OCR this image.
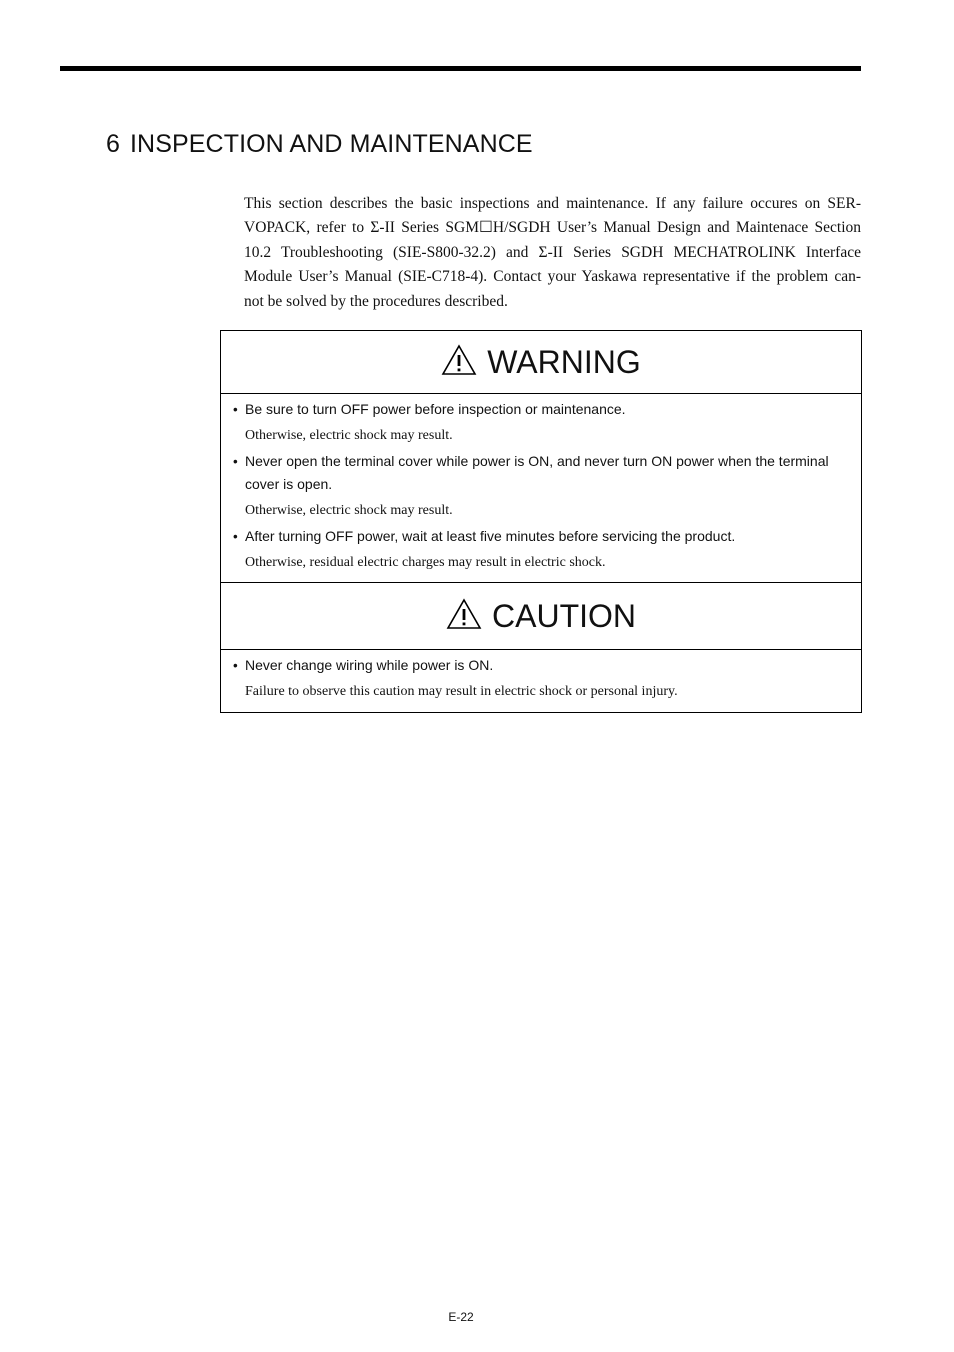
6 INSPECTION AND MAINTENANCE

This section describes the basic inspections and maintenance. If any failure occures on SER-
VOPACK, refer to Σ-II Series SGM☐H/SGDH User’s Manual Design and Maintenace Section
10.2 Troubleshooting (SIE-S800-32.2) and Σ-II Series SGDH MECHATROLINK Interface
Module User’s Manual (SIE-C718-4). Contact your Yaskawa representative if the problem can-
not be solved by the procedures described.

WARNING
• Be sure to turn OFF power before inspection or maintenance.
Otherwise, electric shock may result.
• Never open the terminal cover while power is ON, and never turn ON power when the terminal cover is open.
Otherwise, electric shock may result.
• After turning OFF power, wait at least five minutes before servicing the product.
Otherwise, residual electric charges may result in electric shock.
CAUTION
• Never change wiring while power is ON.
Failure to observe this caution may result in electric shock or personal injury.
E-22
